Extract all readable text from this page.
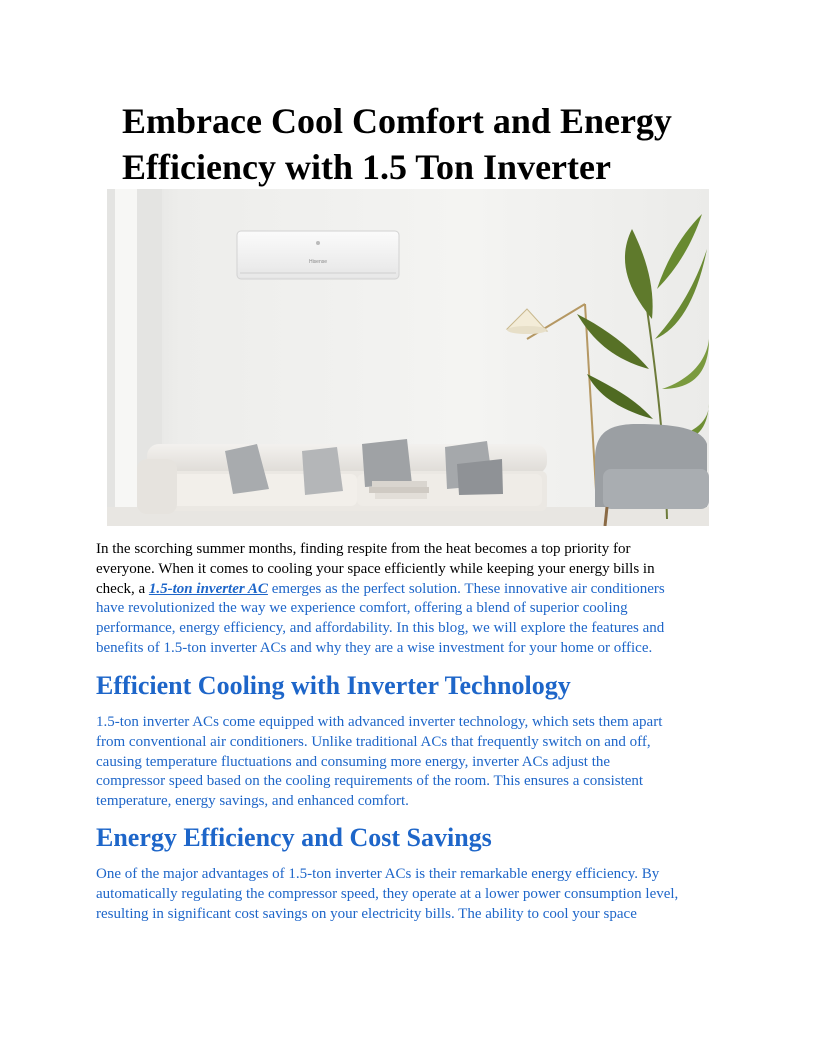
Embrace Cool Comfort and Energy
Efficiency with 1.5 Ton Inverter
Hisense

In the scorching summer months, finding respite from the heat becomes a top priority for
everyone. When it comes to cooling your space efficiently while keeping your energy bills in
check, a 1.5-ton inverter AC emerges as the perfect solution. These innovative air conditioners
have revolutionized the way we experience comfort, offering a blend of superior cooling
performance, energy efficiency, and affordability. In this blog, we will explore the features and
benefits of 1.5-ton inverter ACs and why they are a wise investment for your home or office.

Efficient Cooling with Inverter Technology

1.5-ton inverter ACs come equipped with advanced inverter technology, which sets them apart
from conventional air conditioners. Unlike traditional ACs that frequently switch on and off,
causing temperature fluctuations and consuming more energy, inverter ACs adjust the
compressor speed based on the cooling requirements of the room. This ensures a consistent
temperature, energy savings, and enhanced comfort.

Energy Efficiency and Cost Savings

One of the major advantages of 1.5-ton inverter ACs is their remarkable energy efficiency. By
automatically regulating the compressor speed, they operate at a lower power consumption level,
resulting in significant cost savings on your electricity bills. The ability to cool your space
